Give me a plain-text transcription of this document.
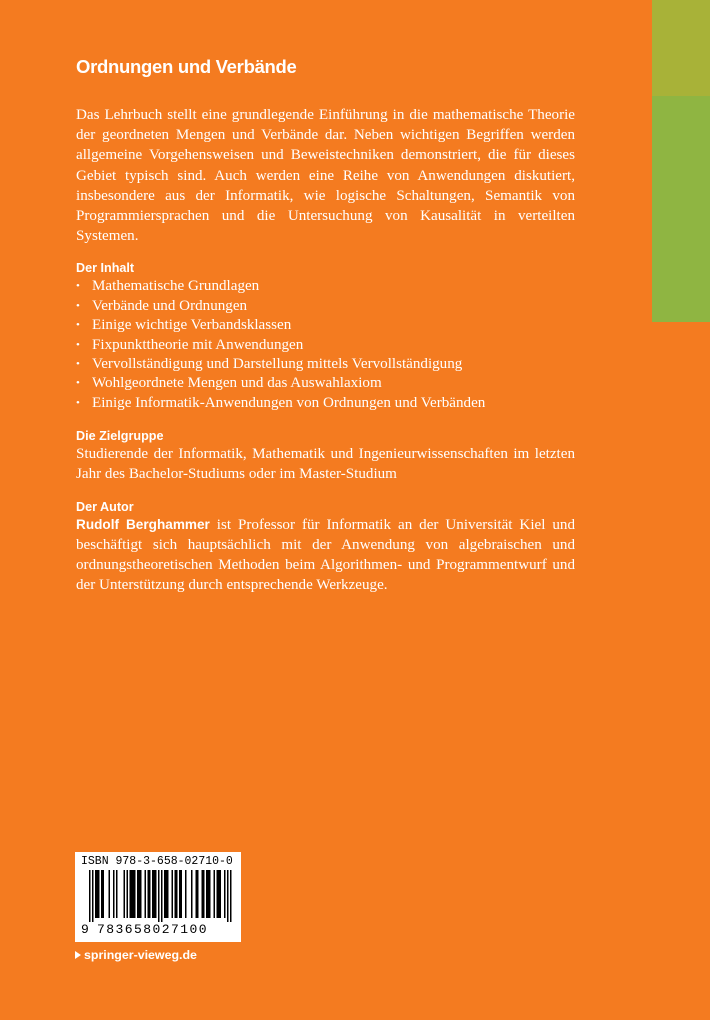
Ordnungen und Verbände

Das Lehrbuch stellt eine grundlegende Einführung in die mathematische Theorie der geordneten Mengen und Verbände dar. Neben wichtigen Begriffen werden allgemeine Vorgehensweisen und Beweistechniken demonstriert, die für dieses Gebiet typisch sind. Auch werden eine Reihe von Anwendungen diskutiert, insbesondere aus der Informatik, wie logische Schaltungen, Semantik von Programmiersprachen und die Untersuchung von Kausalität in verteilten Systemen.

Der Inhalt
• Mathematische Grundlagen
• Verbände und Ordnungen
• Einige wichtige Verbandsklassen
• Fixpunkttheorie mit Anwendungen
• Vervollständigung und Darstellung mittels Vervollständigung
• Wohlgeordnete Mengen und das Auswahlaxiom
• Einige Informatik-Anwendungen von Ordnungen und Verbänden
Die Zielgruppe

Studierende der Informatik, Mathematik und Ingenieurwissenschaften im letzten Jahr des Bachelor-Studiums oder im Master-Studium

Der Autor

Rudolf Berghammer ist Professor für Informatik an der Universität Kiel und beschäftigt sich hauptsächlich mit der Anwendung von algebraischen und ordnungstheoretischen Methoden beim Algorithmen- und Programmentwurf und der Unterstützung durch entsprechende Werkzeuge.

ISBN 978-3-658-02710-0
9 783658027100
springer-vieweg.de
